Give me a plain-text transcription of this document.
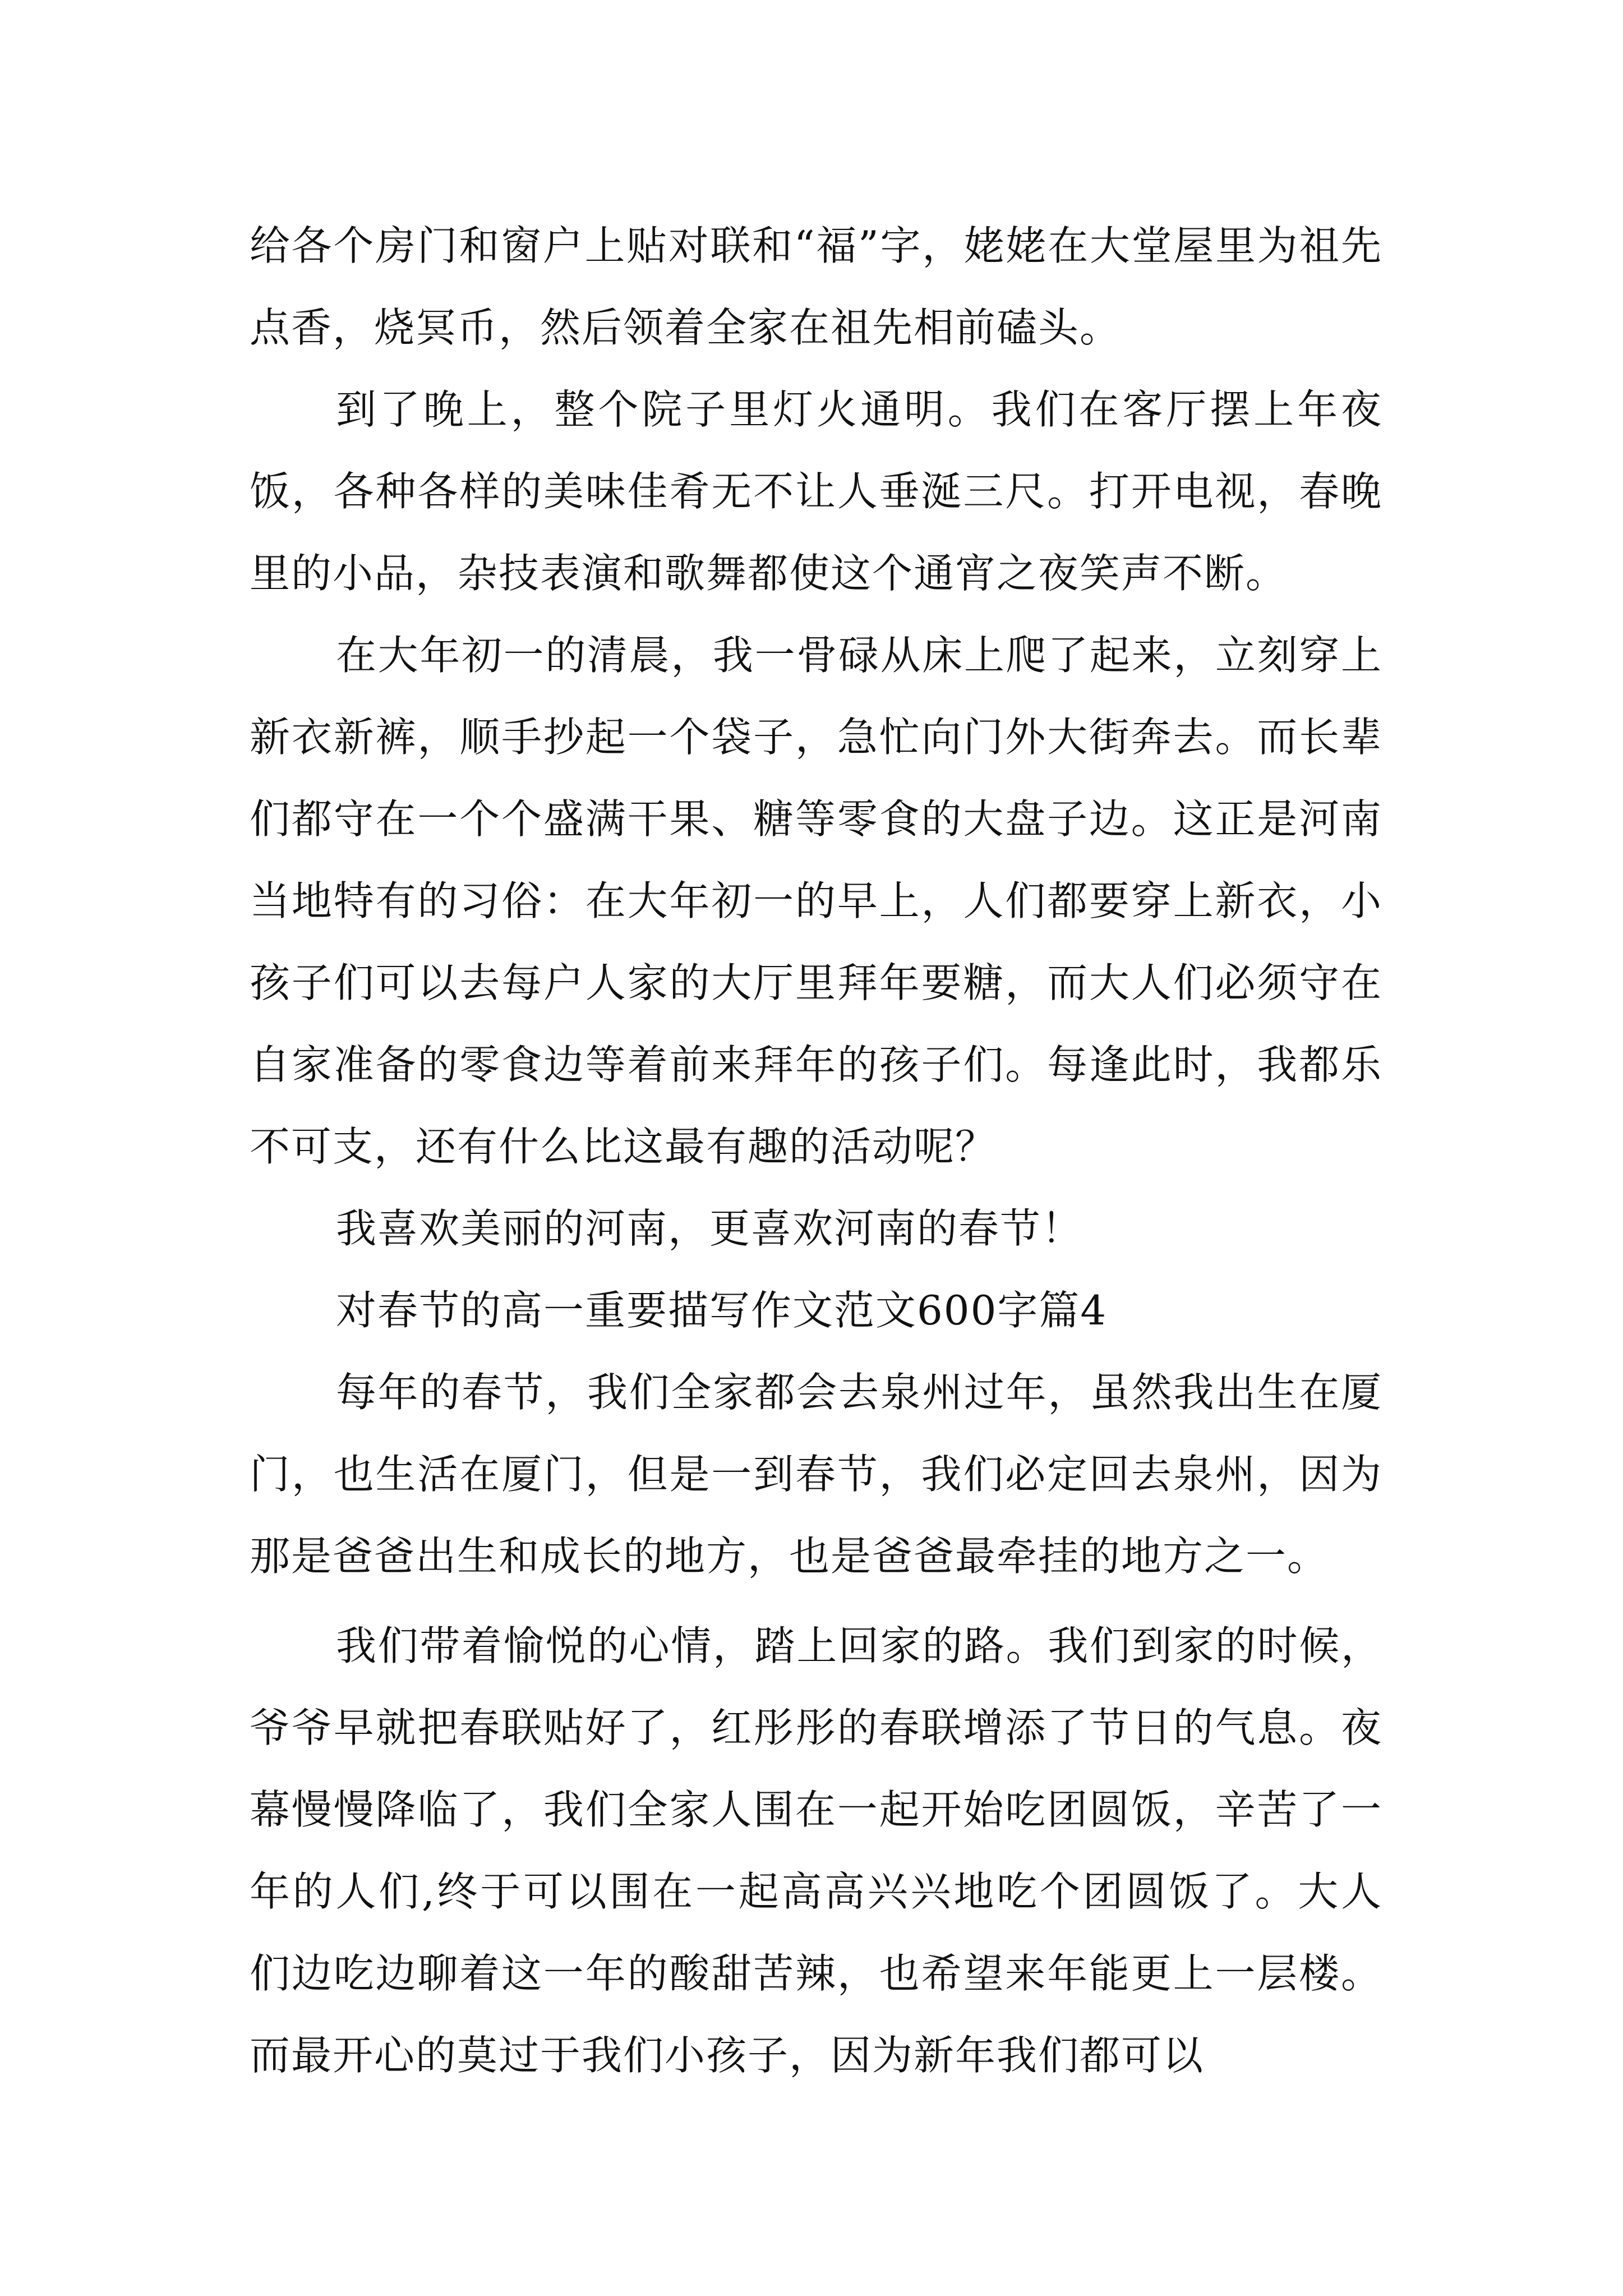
给各个房门和窗户上贴对联和“福”字，姥姥在大堂屋里为祖先点香，烧冥币，然后领着全家在祖先相前磕头。

到了晚上，整个院子里灯火通明。我们在客厅摆上年夜饭，各种各样的美味佳肴无不让人垂涎三尺。打开电视，春晚里的小品，杂技表演和歌舞都使这个通宵之夜笑声不断。

在大年初一的清晨，我一骨碌从床上爬了起来，立刻穿上新衣新裤，顺手抄起一个袋子，急忙向门外大街奔去。而长辈们都守在一个个盛满干果、糖等零食的大盘子边。这正是河南当地特有的习俗：在大年初一的早上，人们都要穿上新衣，小孩子们可以去每户人家的大厅里拜年要糖，而大人们必须守在自家准备的零食边等着前来拜年的孩子们。每逢此时，我都乐不可支，还有什么比这最有趣的活动呢？

我喜欢美丽的河南，更喜欢河南的春节！

对春节的高一重要描写作文范文600字篇4

每年的春节，我们全家都会去泉州过年，虽然我出生在厦门，也生活在厦门，但是一到春节，我们必定回去泉州，因为那是爸爸出生和成长的地方，也是爸爸最牵挂的地方之一。

我们带着愉悦的心情，踏上回家的路。我们到家的时候，爷爷早就把春联贴好了，红彤彤的春联增添了节日的气息。夜幕慢慢降临了，我们全家人围在一起开始吃团圆饭，辛苦了一年的人们,终于可以围在一起高高兴兴地吃个团圆饭了。大人们边吃边聊着这一年的酸甜苦辣，也希望来年能更上一层楼。而最开心的莫过于我们小孩子，因为新年我们都可以
